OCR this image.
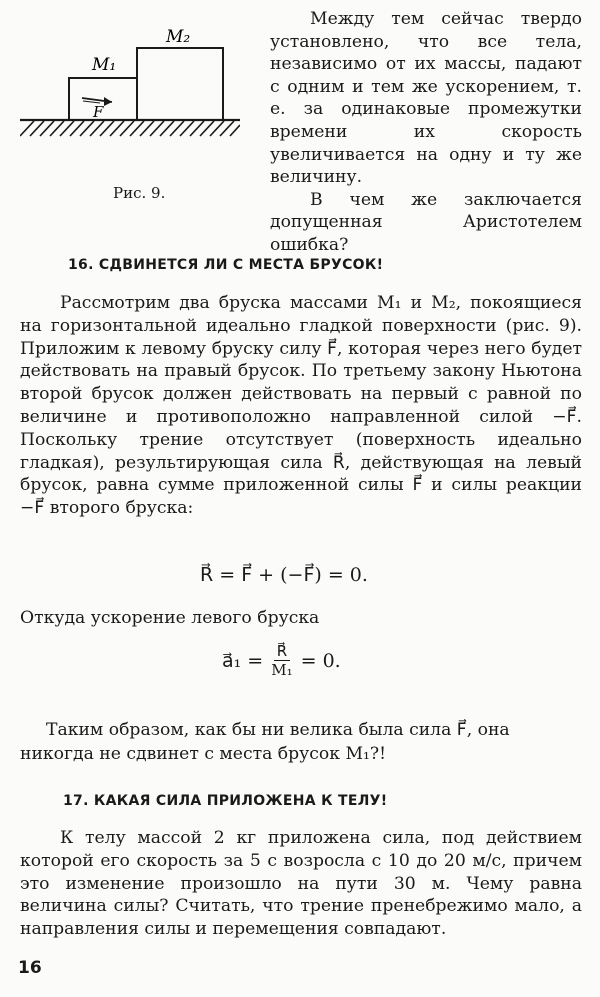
M₂
M₁
F
Рис. 9.

Между тем сейчас твердо установлено, что все тела, независимо от их массы, падают с одним и тем же ускорением, т. е. за одинаковые промежутки времени их скорость увеличивается на одну и ту же величину.

В чем же заключается допущенная Аристотелем ошибка?

16. СДВИНЕТСЯ ЛИ С МЕСТА БРУСОК!

Рассмотрим два бруска массами M₁ и M₂, покоящиеся на горизонтальной идеально гладкой поверхности (рис. 9). Приложим к левому бруску силу F⃗, которая через него будет действовать на правый брусок. По третьему закону Ньютона второй брусок должен действовать на первый с равной по величине и противоположно направленной силой −F⃗. Поскольку трение отсутствует (поверхность идеально гладкая), результирующая сила R⃗, действующая на левый брусок, равна сумме приложенной силы F⃗ и силы реакции −F⃗ второго бруска:

R⃗ = F⃗ + (−F⃗) = 0.
Откуда ускорение левого бруска
a⃗₁ = $\frac{R⃗}{\text{M₁}} = 0$.

Таким образом, как бы ни велика была сила F⃗, она

никогда не сдвинет с места брусок M₁?!

17. КАКАЯ СИЛА ПРИЛОЖЕНА К ТЕЛУ!

К телу массой 2 кг приложена сила, под действием которой его скорость за 5 с возросла с 10 до 20 м/с, причем это изменение произошло на пути 30 м. Чему равна величина силы? Считать, что трение пренебрежимо мало, а направления силы и перемещения совпадают.

16
